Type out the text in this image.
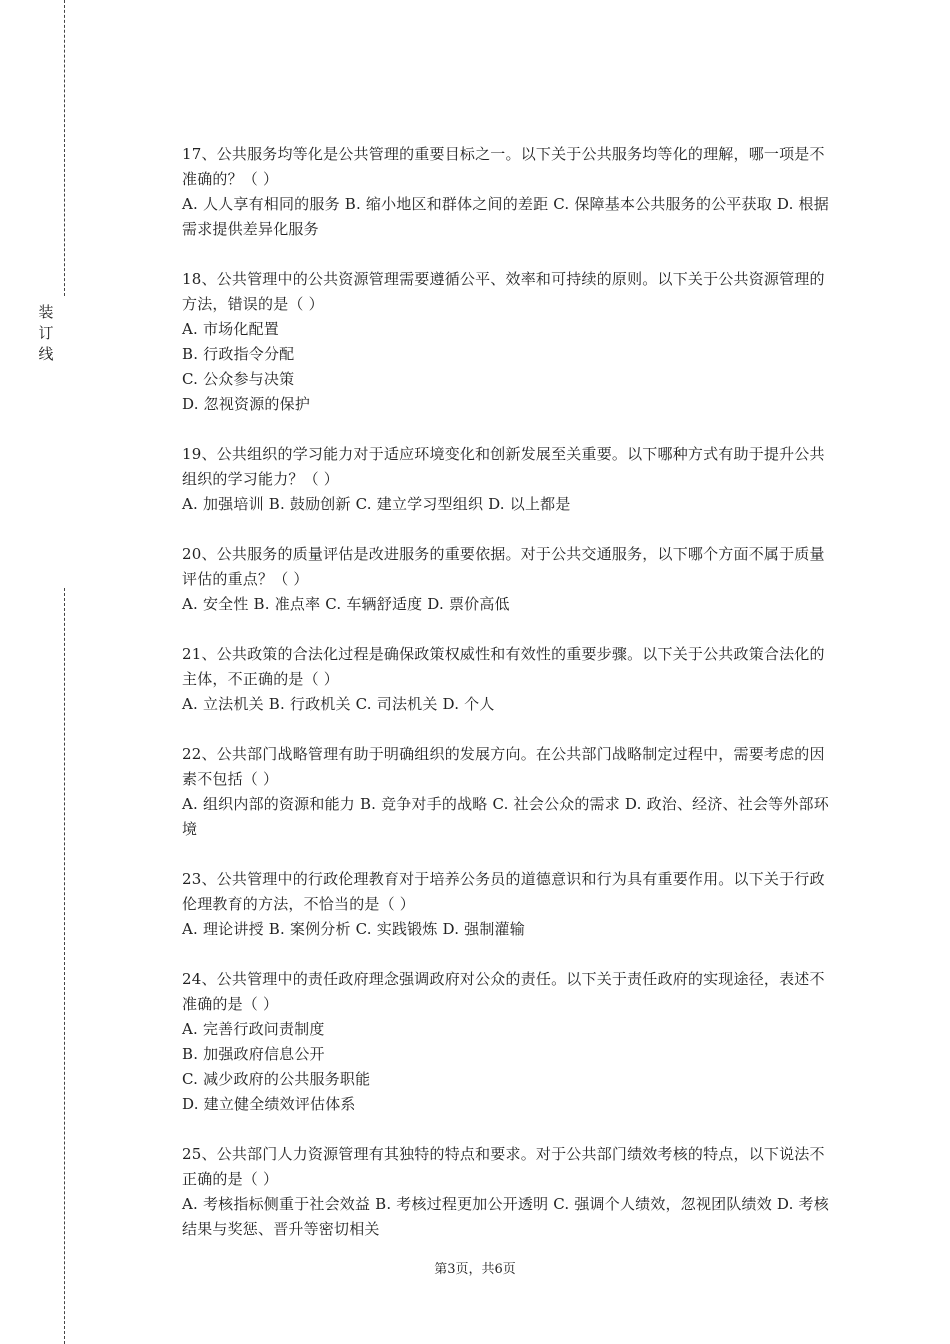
装
订
线

17、公共服务均等化是公共管理的重要目标之一。以下关于公共服务均等化的理解，哪一项是不准确的？（ ）

A. 人人享有相同的服务 B. 缩小地区和群体之间的差距 C. 保障基本公共服务的公平获取 D. 根据需求提供差异化服务

18、公共管理中的公共资源管理需要遵循公平、效率和可持续的原则。以下关于公共资源管理的方法，错误的是（ ）

A. 市场化配置

B. 行政指令分配

C. 公众参与决策

D. 忽视资源的保护

19、公共组织的学习能力对于适应环境变化和创新发展至关重要。以下哪种方式有助于提升公共组织的学习能力？（ ）

A. 加强培训 B. 鼓励创新 C. 建立学习型组织 D. 以上都是

20、公共服务的质量评估是改进服务的重要依据。对于公共交通服务，以下哪个方面不属于质量评估的重点？（ ）

A. 安全性 B. 准点率 C. 车辆舒适度 D. 票价高低

21、公共政策的合法化过程是确保政策权威性和有效性的重要步骤。以下关于公共政策合法化的主体，不正确的是（ ）

A. 立法机关 B. 行政机关 C. 司法机关 D. 个人

22、公共部门战略管理有助于明确组织的发展方向。在公共部门战略制定过程中，需要考虑的因素不包括（ ）

A. 组织内部的资源和能力 B. 竞争对手的战略 C. 社会公众的需求 D. 政治、经济、社会等外部环境

23、公共管理中的行政伦理教育对于培养公务员的道德意识和行为具有重要作用。以下关于行政伦理教育的方法，不恰当的是（ ）

A. 理论讲授 B. 案例分析 C. 实践锻炼 D. 强制灌输

24、公共管理中的责任政府理念强调政府对公众的责任。以下关于责任政府的实现途径，表述不准确的是（ ）

A. 完善行政问责制度

B. 加强政府信息公开

C. 减少政府的公共服务职能

D. 建立健全绩效评估体系

25、公共部门人力资源管理有其独特的特点和要求。对于公共部门绩效考核的特点，以下说法不正确的是（ ）

A. 考核指标侧重于社会效益 B. 考核过程更加公开透明 C. 强调个人绩效，忽视团队绩效 D. 考核结果与奖惩、晋升等密切相关

第3页，共6页
